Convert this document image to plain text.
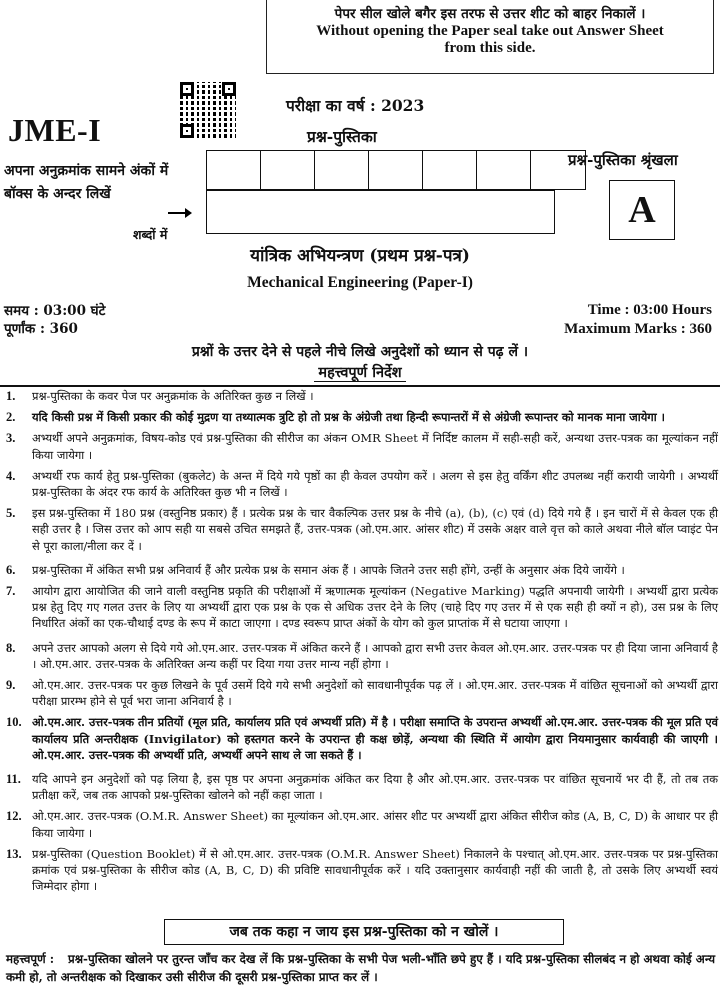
पेपर सील खोले बगैर इस तरफ से उत्तर शीट को बाहर निकालें ।
Without opening the Paper seal take out Answer Sheet
from this side.
JME-I
परीक्षा का वर्ष : 2023
प्रश्न-पुस्तिका
अपना अनुक्रमांक सामने अंकों में
बॉक्स के अन्दर लिखें
शब्दों में
प्रश्न-पुस्तिका श्रृंखला
A
यांत्रिक अभियन्त्रण (प्रथम प्रश्न-पत्र)
Mechanical Engineering (Paper-I)
समय : 03:00 घंटे
पूर्णांक : 360
Time : 03:00 Hours
Maximum Marks : 360
प्रश्नों के उत्तर देने से पहले नीचे लिखे अनुदेशों को ध्यान से पढ़ लें ।
महत्त्वपूर्ण निर्देश
1.	प्रश्न-पुस्तिका के कवर पेज पर अनुक्रमांक के अतिरिक्त कुछ न लिखें ।
2.	यदि किसी प्रश्न में किसी प्रकार की कोई मुद्रण या तथ्यात्मक त्रुटि हो तो प्रश्न के अंग्रेजी तथा हिन्दी रूपान्तरों में से अंग्रेजी रूपान्तर को मानक माना जायेगा ।
3.	अभ्यर्थी अपने अनुक्रमांक, विषय-कोड एवं प्रश्न-पुस्तिका की सीरीज का अंकन OMR Sheet में निर्दिष्ट कालम में सही-सही करें, अन्यथा उत्तर-पत्रक का मूल्यांकन नहीं किया जायेगा ।
4.	अभ्यर्थी रफ कार्य हेतु प्रश्न-पुस्तिका (बुकलेट) के अन्त में दिये गये पृष्ठों का ही केवल उपयोग करें । अलग से इस हेतु वर्किंग शीट उपलब्ध नहीं करायी जायेगी । अभ्यर्थी प्रश्न-पुस्तिका के अंदर रफ कार्य के अतिरिक्त कुछ भी न लिखें ।
5.	इस प्रश्न-पुस्तिका में 180 प्रश्न (वस्तुनिष्ठ प्रकार) हैं । प्रत्येक प्रश्न के चार वैकल्पिक उत्तर प्रश्न के नीचे (a), (b), (c) एवं (d) दिये गये हैं । इन चारों में से केवल एक ही सही उत्तर है । जिस उत्तर को आप सही या सबसे उचित समझते हैं, उत्तर-पत्रक (ओ.एम.आर. आंसर शीट) में उसके अक्षर वाले वृत्त को काले अथवा नीले बॉल प्वाइंट पेन से पूरा काला/नीला कर दें ।
6.	प्रश्न-पुस्तिका में अंकित सभी प्रश्न अनिवार्य हैं और प्रत्येक प्रश्न के समान अंक हैं । आपके जितने उत्तर सही होंगे, उन्हीं के अनुसार अंक दिये जायेंगे ।
7.	आयोग द्वारा आयोजित की जाने वाली वस्तुनिष्ठ प्रकृति की परीक्षाओं में ऋणात्मक मूल्यांकन (Negative Marking) पद्धति अपनायी जायेगी । अभ्यर्थी द्वारा प्रत्येक प्रश्न हेतु दिए गए गलत उत्तर के लिए या अभ्यर्थी द्वारा एक प्रश्न के एक से अधिक उत्तर देने के लिए (चाहे दिए गए उत्तर में से एक सही ही क्यों न हो), उस प्रश्न के लिए निर्धारित अंकों का एक-चौथाई दण्ड के रूप में काटा जाएगा । दण्ड स्वरूप प्राप्त अंकों के योग को कुल प्राप्तांक में से घटाया जाएगा ।
8.	अपने उत्तर आपको अलग से दिये गये ओ.एम.आर. उत्तर-पत्रक में अंकित करने हैं । आपको द्वारा सभी उत्तर केवल ओ.एम.आर. उत्तर-पत्रक पर ही दिया जाना अनिवार्य है । ओ.एम.आर. उत्तर-पत्रक के अतिरिक्त अन्य कहीं पर दिया गया उत्तर मान्य नहीं होगा ।
9.	ओ.एम.आर. उत्तर-पत्रक पर कुछ लिखने के पूर्व उसमें दिये गये सभी अनुदेशों को सावधानीपूर्वक पढ़ लें । ओ.एम.आर. उत्तर-पत्रक में वांछित सूचनाओं को अभ्यर्थी द्वारा परीक्षा प्रारम्भ होने से पूर्व भरा जाना अनिवार्य है ।
10. ओ.एम.आर. उत्तर-पत्रक तीन प्रतियों (मूल प्रति, कार्यालय प्रति एवं अभ्यर्थी प्रति) में है । परीक्षा समाप्ति के उपरान्त अभ्यर्थी ओ.एम.आर. उत्तर-पत्रक की मूल प्रति एवं कार्यालय प्रति अन्तरीक्षक (Invigilator) को हस्तगत करने के उपरान्त ही कक्ष छोड़ें, अन्यथा की स्थिति में आयोग द्वारा नियमानुसार कार्यवाही की जाएगी । ओ.एम.आर. उत्तर-पत्रक की अभ्यर्थी प्रति, अभ्यर्थी अपने साथ ले जा सकते हैं ।
11. यदि आपने इन अनुदेशों को पढ़ लिया है, इस पृष्ठ पर अपना अनुक्रमांक अंकित कर दिया है और ओ.एम.आर. उत्तर-पत्रक पर वांछित सूचनायें भर दी हैं, तो तब तक प्रतीक्षा करें, जब तक आपको प्रश्न-पुस्तिका खोलने को नहीं कहा जाता ।
12. ओ.एम.आर. उत्तर-पत्रक (O.M.R. Answer Sheet) का मूल्यांकन ओ.एम.आर. आंसर शीट पर अभ्यर्थी द्वारा अंकित सीरीज कोड (A, B, C, D) के आधार पर ही किया जायेगा ।
13. प्रश्न-पुस्तिका (Question Booklet) में से ओ.एम.आर. उत्तर-पत्रक (O.M.R. Answer Sheet) निकालने के पश्चात् ओ.एम.आर. उत्तर-पत्रक पर प्रश्न-पुस्तिका क्रमांक एवं प्रश्न-पुस्तिका के सीरीज कोड (A, B, C, D) की प्रविष्टि सावधानीपूर्वक करें । यदि उक्तानुसार कार्यवाही नहीं की जाती है, तो उसके लिए अभ्यर्थी स्वयं जिम्मेदार होगा ।
जब तक कहा न जाय इस प्रश्न-पुस्तिका को न खोलें ।
महत्त्वपूर्ण : प्रश्न-पुस्तिका खोलने पर तुरन्त जाँच कर देख लें कि प्रश्न-पुस्तिका के सभी पेज भली-भाँति छपे हुए हैं । यदि प्रश्न-पुस्तिका सीलबंद न हो अथवा कोई अन्य कमी हो, तो अन्तरीक्षक को दिखाकर उसी सीरीज की दूसरी प्रश्न-पुस्तिका प्राप्त कर लें ।
